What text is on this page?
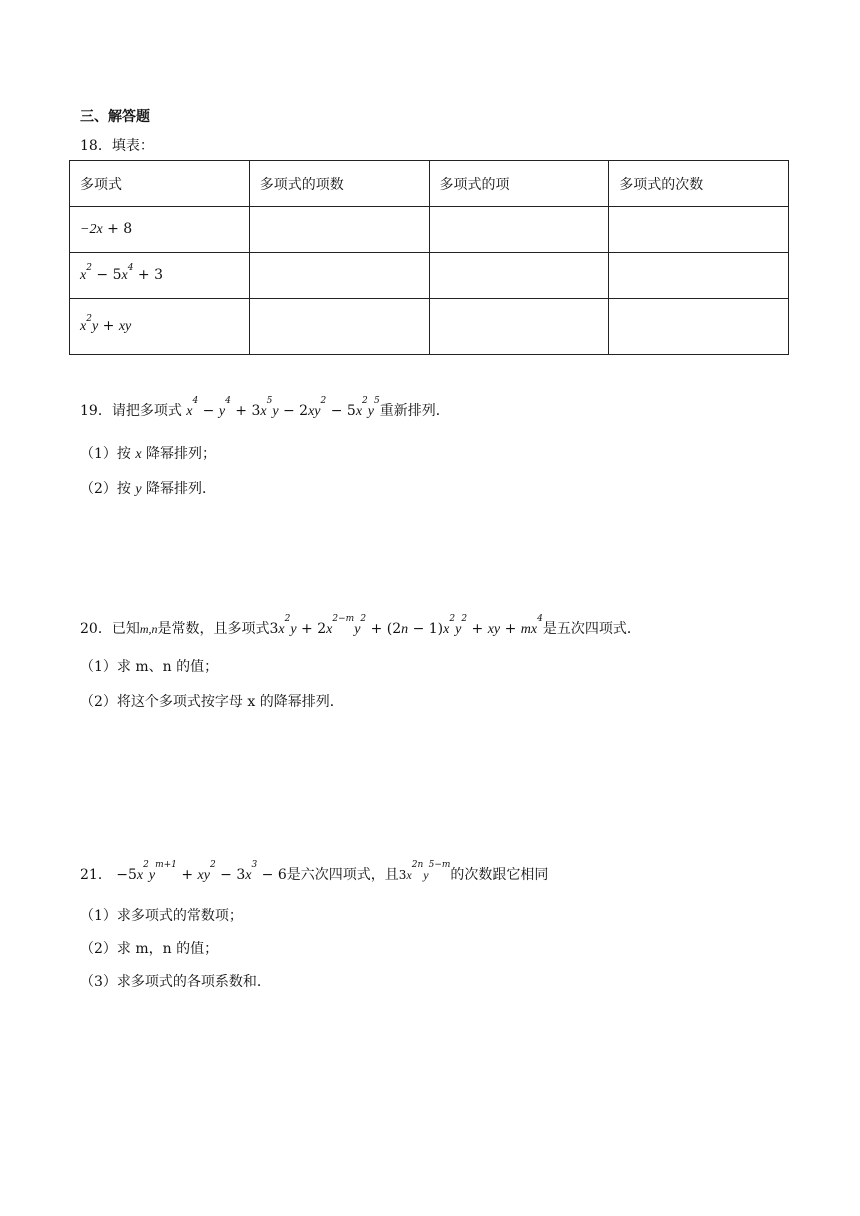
三、解答题
18．填表：
多项式	多项式的项数	多项式的项	多项式的次数
−2x + 8			
$x^2 - 5x^4 + 3$			
$x^2y$ + xy			
19．请把多项式 $x^4 - y^4 + 3x^5y - 2xy^2 - 5x^2y^5$重新排列．
（1）按 x 降幂排列；
（2）按 y 降幂排列．
20．已知m,n是常数，且多项式$3x^2y + 2x^{2-m}y^2 + (2n - 1)x^2y^2$ + xy + $mx^4$是五次四项式．
（1）求 m、n 的值；
（2）将这个多项式按字母 x 的降幂排列．
21． $-5x^2y^{m+1} + xy^2 - 3x^3 - 6$是六次四项式，且$3x^{2n}y^{5-m}$的次数跟它相同
（1）求多项式的常数项；
（2）求 m，n 的值；
（3）求多项式的各项系数和．
